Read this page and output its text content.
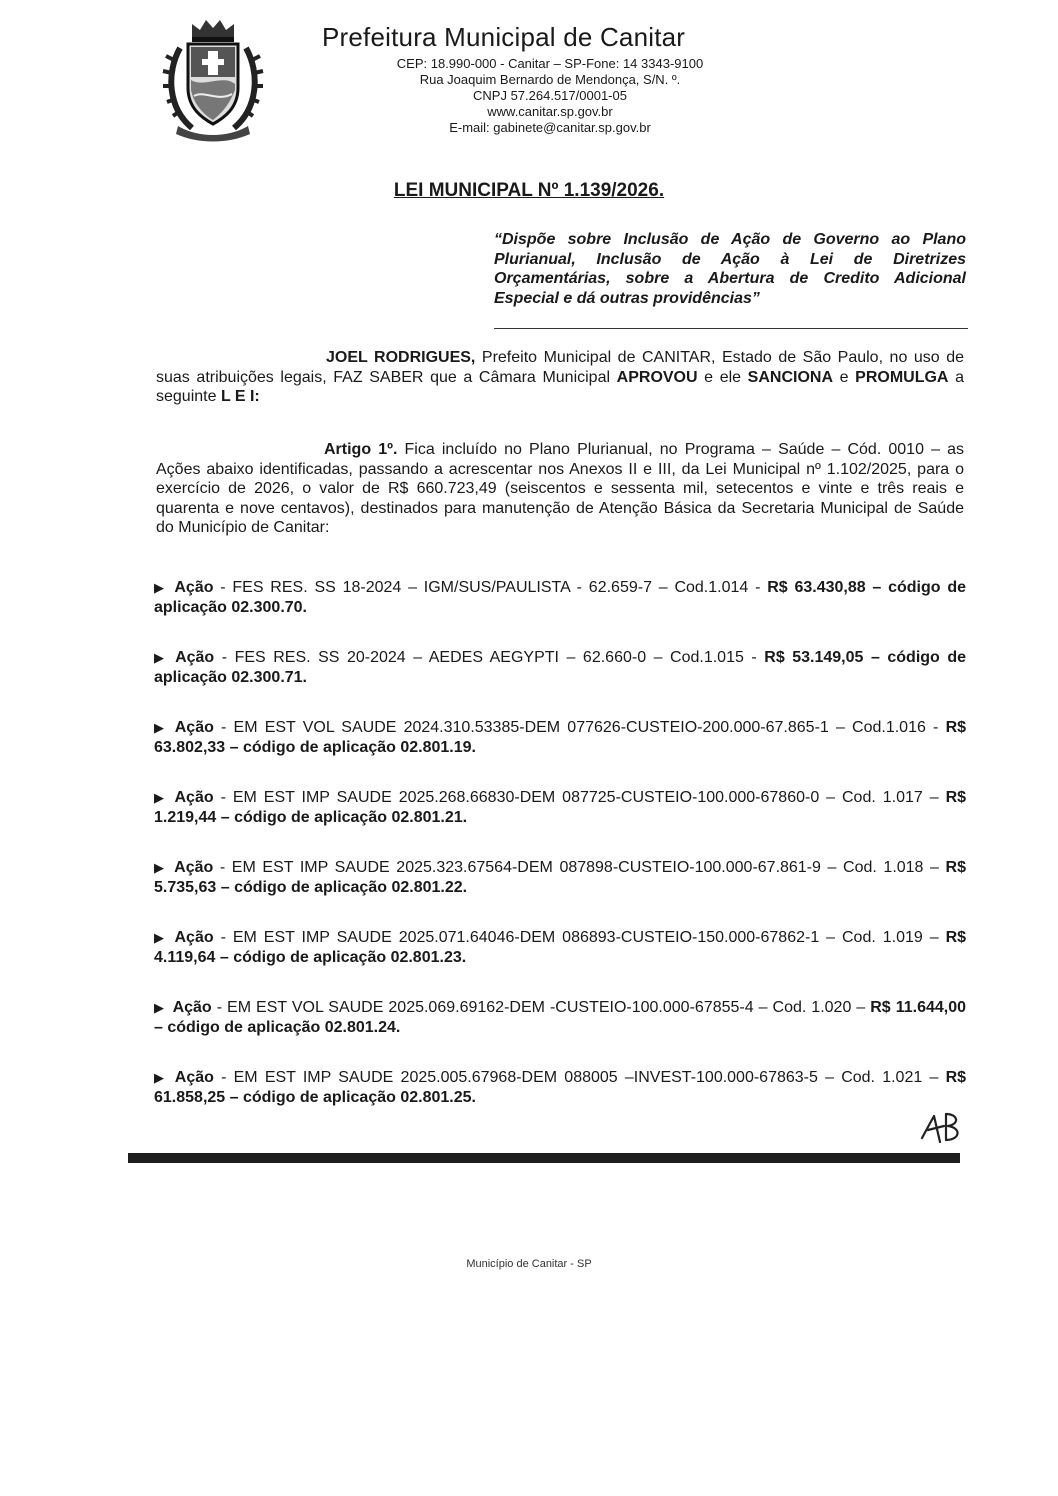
Prefeitura Municipal de Canitar
CEP: 18.990-000 - Canitar – SP-Fone: 14 3343-9100
Rua Joaquim Bernardo de Mendonça, S/N. º.
CNPJ 57.264.517/0001-05
www.canitar.sp.gov.br
E-mail: gabinete@canitar.sp.gov.br
LEI MUNICIPAL Nº 1.139/2026.
“Dispõe sobre Inclusão de Ação de Governo ao Plano Plurianual, Inclusão de Ação à Lei de Diretrizes Orçamentárias, sobre a Abertura de Credito Adicional Especial e dá outras providências”
JOEL RODRIGUES, Prefeito Municipal de CANITAR, Estado de São Paulo, no uso de suas atribuições legais, FAZ SABER que a Câmara Municipal APROVOU e ele SANCIONA e PROMULGA a seguinte L E I:
Artigo 1º. Fica incluído no Plano Plurianual, no Programa – Saúde – Cód. 0010 – as Ações abaixo identificadas, passando a acrescentar nos Anexos II e III, da Lei Municipal nº 1.102/2025, para o exercício de 2026, o valor de R$ 660.723,49 (seiscentos e sessenta mil, setecentos e vinte e três reais e quarenta e nove centavos), destinados para manutenção de Atenção Básica da Secretaria Municipal de Saúde do Município de Canitar:
▶ Ação - FES RES. SS 18-2024 – IGM/SUS/PAULISTA - 62.659-7 – Cod.1.014 - R$ 63.430,88 – código de aplicação 02.300.70.
▶ Ação - FES RES. SS 20-2024 – AEDES AEGYPTI – 62.660-0 – Cod.1.015 - R$ 53.149,05 – código de aplicação 02.300.71.
▶ Ação - EM EST VOL SAUDE 2024.310.53385-DEM 077626-CUSTEIO-200.000-67.865-1 – Cod.1.016 - R$ 63.802,33 – código de aplicação 02.801.19.
▶ Ação - EM EST IMP SAUDE 2025.268.66830-DEM 087725-CUSTEIO-100.000-67860-0 – Cod. 1.017 – R$ 1.219,44 – código de aplicação 02.801.21.
▶ Ação - EM EST IMP SAUDE 2025.323.67564-DEM 087898-CUSTEIO-100.000-67.861-9 – Cod. 1.018 – R$ 5.735,63 – código de aplicação 02.801.22.
▶ Ação - EM EST IMP SAUDE 2025.071.64046-DEM 086893-CUSTEIO-150.000-67862-1 – Cod. 1.019 – R$ 4.119,64 – código de aplicação 02.801.23.
▶ Ação - EM EST VOL SAUDE 2025.069.69162-DEM -CUSTEIO-100.000-67855-4 – Cod. 1.020 – R$ 11.644,00 – código de aplicação 02.801.24.
▶ Ação - EM EST IMP SAUDE 2025.005.67968-DEM 088005 –INVEST-100.000-67863-5 – Cod. 1.021 – R$ 61.858,25 – código de aplicação 02.801.25.
Município de Canitar - SP
